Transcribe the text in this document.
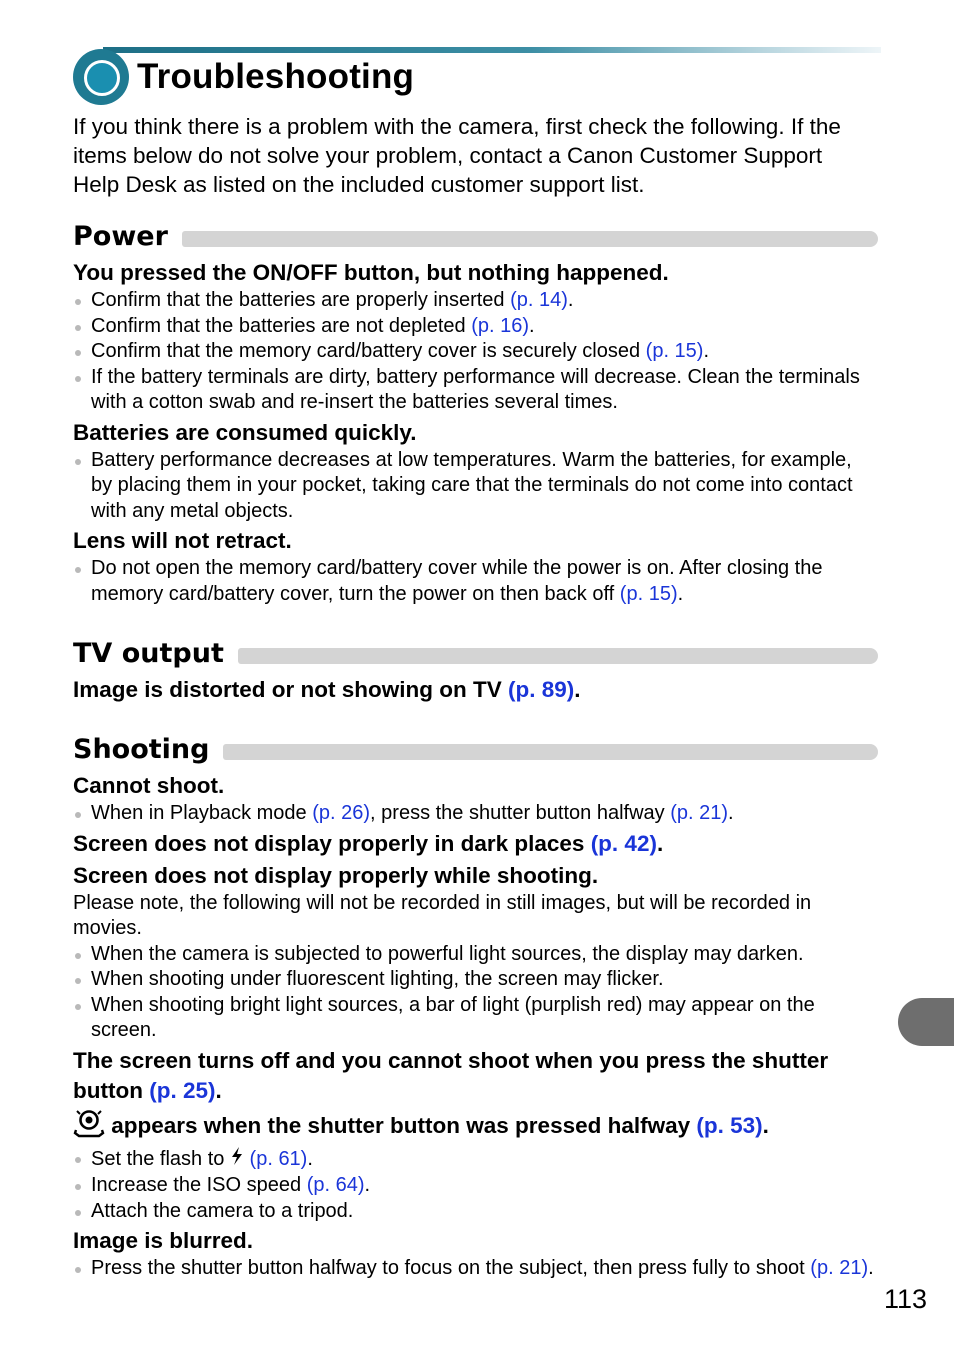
Troubleshooting

If you think there is a problem with the camera, first check the following. If the items below do not solve your problem, contact a Canon Customer Support Help Desk as listed on the included customer support list.

Power

You pressed the ON/OFF button, but nothing happened.

Confirm that the batteries are properly inserted (p. 14).
Confirm that the batteries are not depleted (p. 16).
Confirm that the memory card/battery cover is securely closed (p. 15).
If the battery terminals are dirty, battery performance will decrease. Clean the terminals with a cotton swab and re-insert the batteries several times.

Batteries are consumed quickly.

Battery performance decreases at low temperatures. Warm the batteries, for example, by placing them in your pocket, taking care that the terminals do not come into contact with any metal objects.

Lens will not retract.

Do not open the memory card/battery cover while the power is on. After closing the memory card/battery cover, turn the power on then back off (p. 15).
TV output

Image is distorted or not showing on TV (p. 89).

Shooting

Cannot shoot.

When in Playback mode (p. 26), press the shutter button halfway (p. 21).

Screen does not display properly in dark places (p. 42).

Screen does not display properly while shooting.

Please note, the following will not be recorded in still images, but will be recorded in movies.

When the camera is subjected to powerful light sources, the display may darken.
When shooting under fluorescent lighting, the screen may flicker.
When shooting bright light sources, a bar of light (purplish red) may appear on the screen.

The screen turns off and you cannot shoot when you press the shutter button (p. 25).

appears when the shutter button was pressed halfway (p. 53).

Set the flash to  (p. 61).
Increase the ISO speed (p. 64).
Attach the camera to a tripod.

Image is blurred.

Press the shutter button halfway to focus on the subject, then press fully to shoot (p. 21).
113
